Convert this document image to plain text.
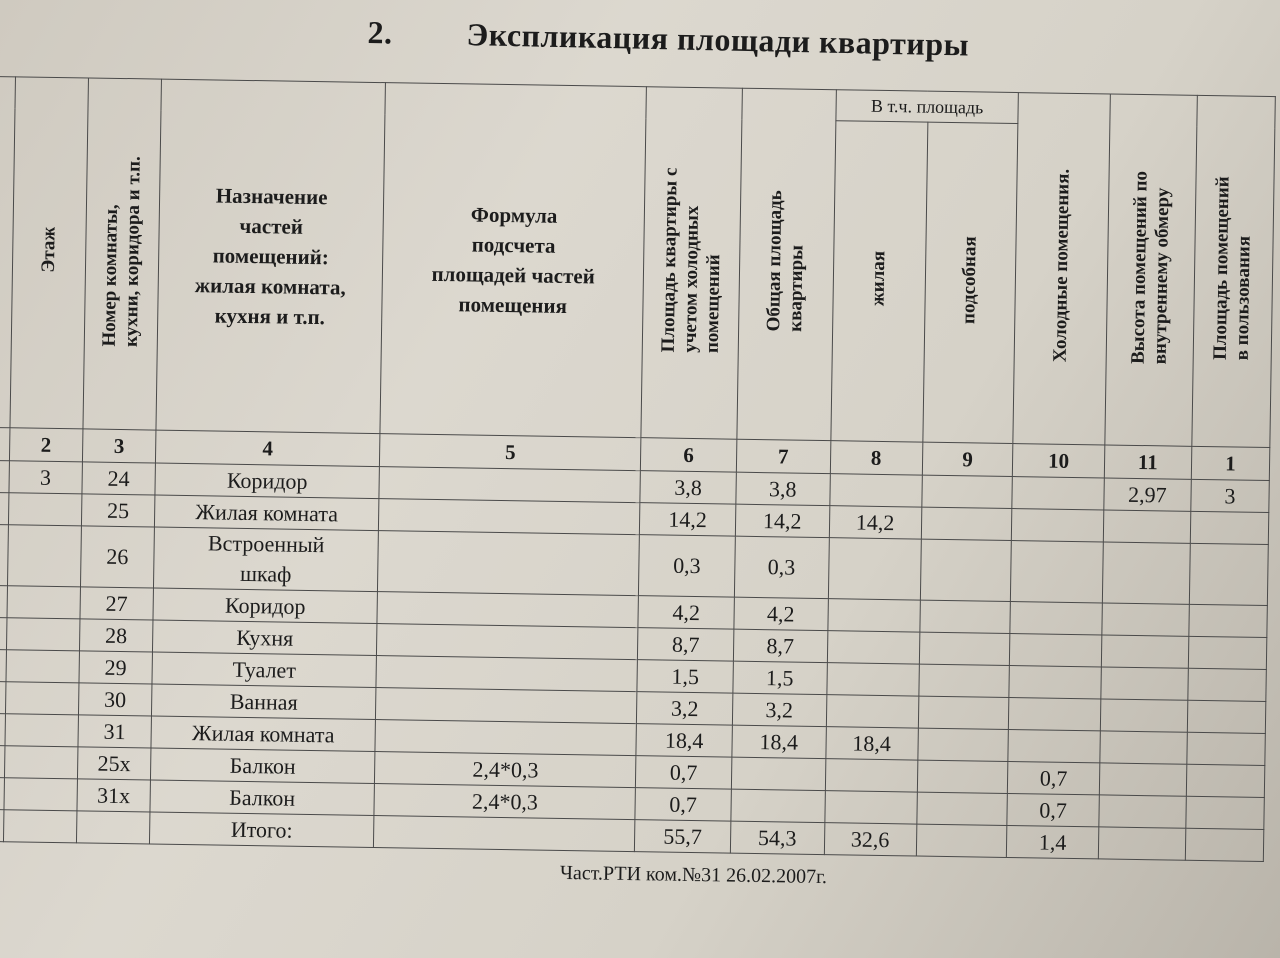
2. Экспликация площади квартиры
	Этаж	Номер комнаты,
кухни, коридора и т.п.	Назначение
частей
помещений:
жилая комната,
кухня и т.п.	Формула
подсчета
площадей частей
помещения	Площадь квартиры с
учетом холодных
помещений	Общая площадь
квартиры	В т.ч. площадь		Холодные помещения.	Высота помещений по
внутреннему обмеру	Площадь помещений
в пользования
							жилая	подсобная			
	2	3	4	5	6	7	8	9	10	11	1
	3	24	Коридор		3,8	3,8				2,97	3
		25	Жилая комната		14,2	14,2	14,2				
		26	Встроенный
шкаф		0,3	0,3					
		27	Коридор		4,2	4,2					
		28	Кухня		8,7	8,7					
		29	Туалет		1,5	1,5					
		30	Ванная		3,2	3,2					
		31	Жилая комната		18,4	18,4	18,4				
		25х	Балкон	2,4*0,3	0,7				0,7		
		31х	Балкон	2,4*0,3	0,7				0,7		
			Итого:		55,7	54,3	32,6		1,4		
Част.РТИ ком.№31 26.02.2007г.
